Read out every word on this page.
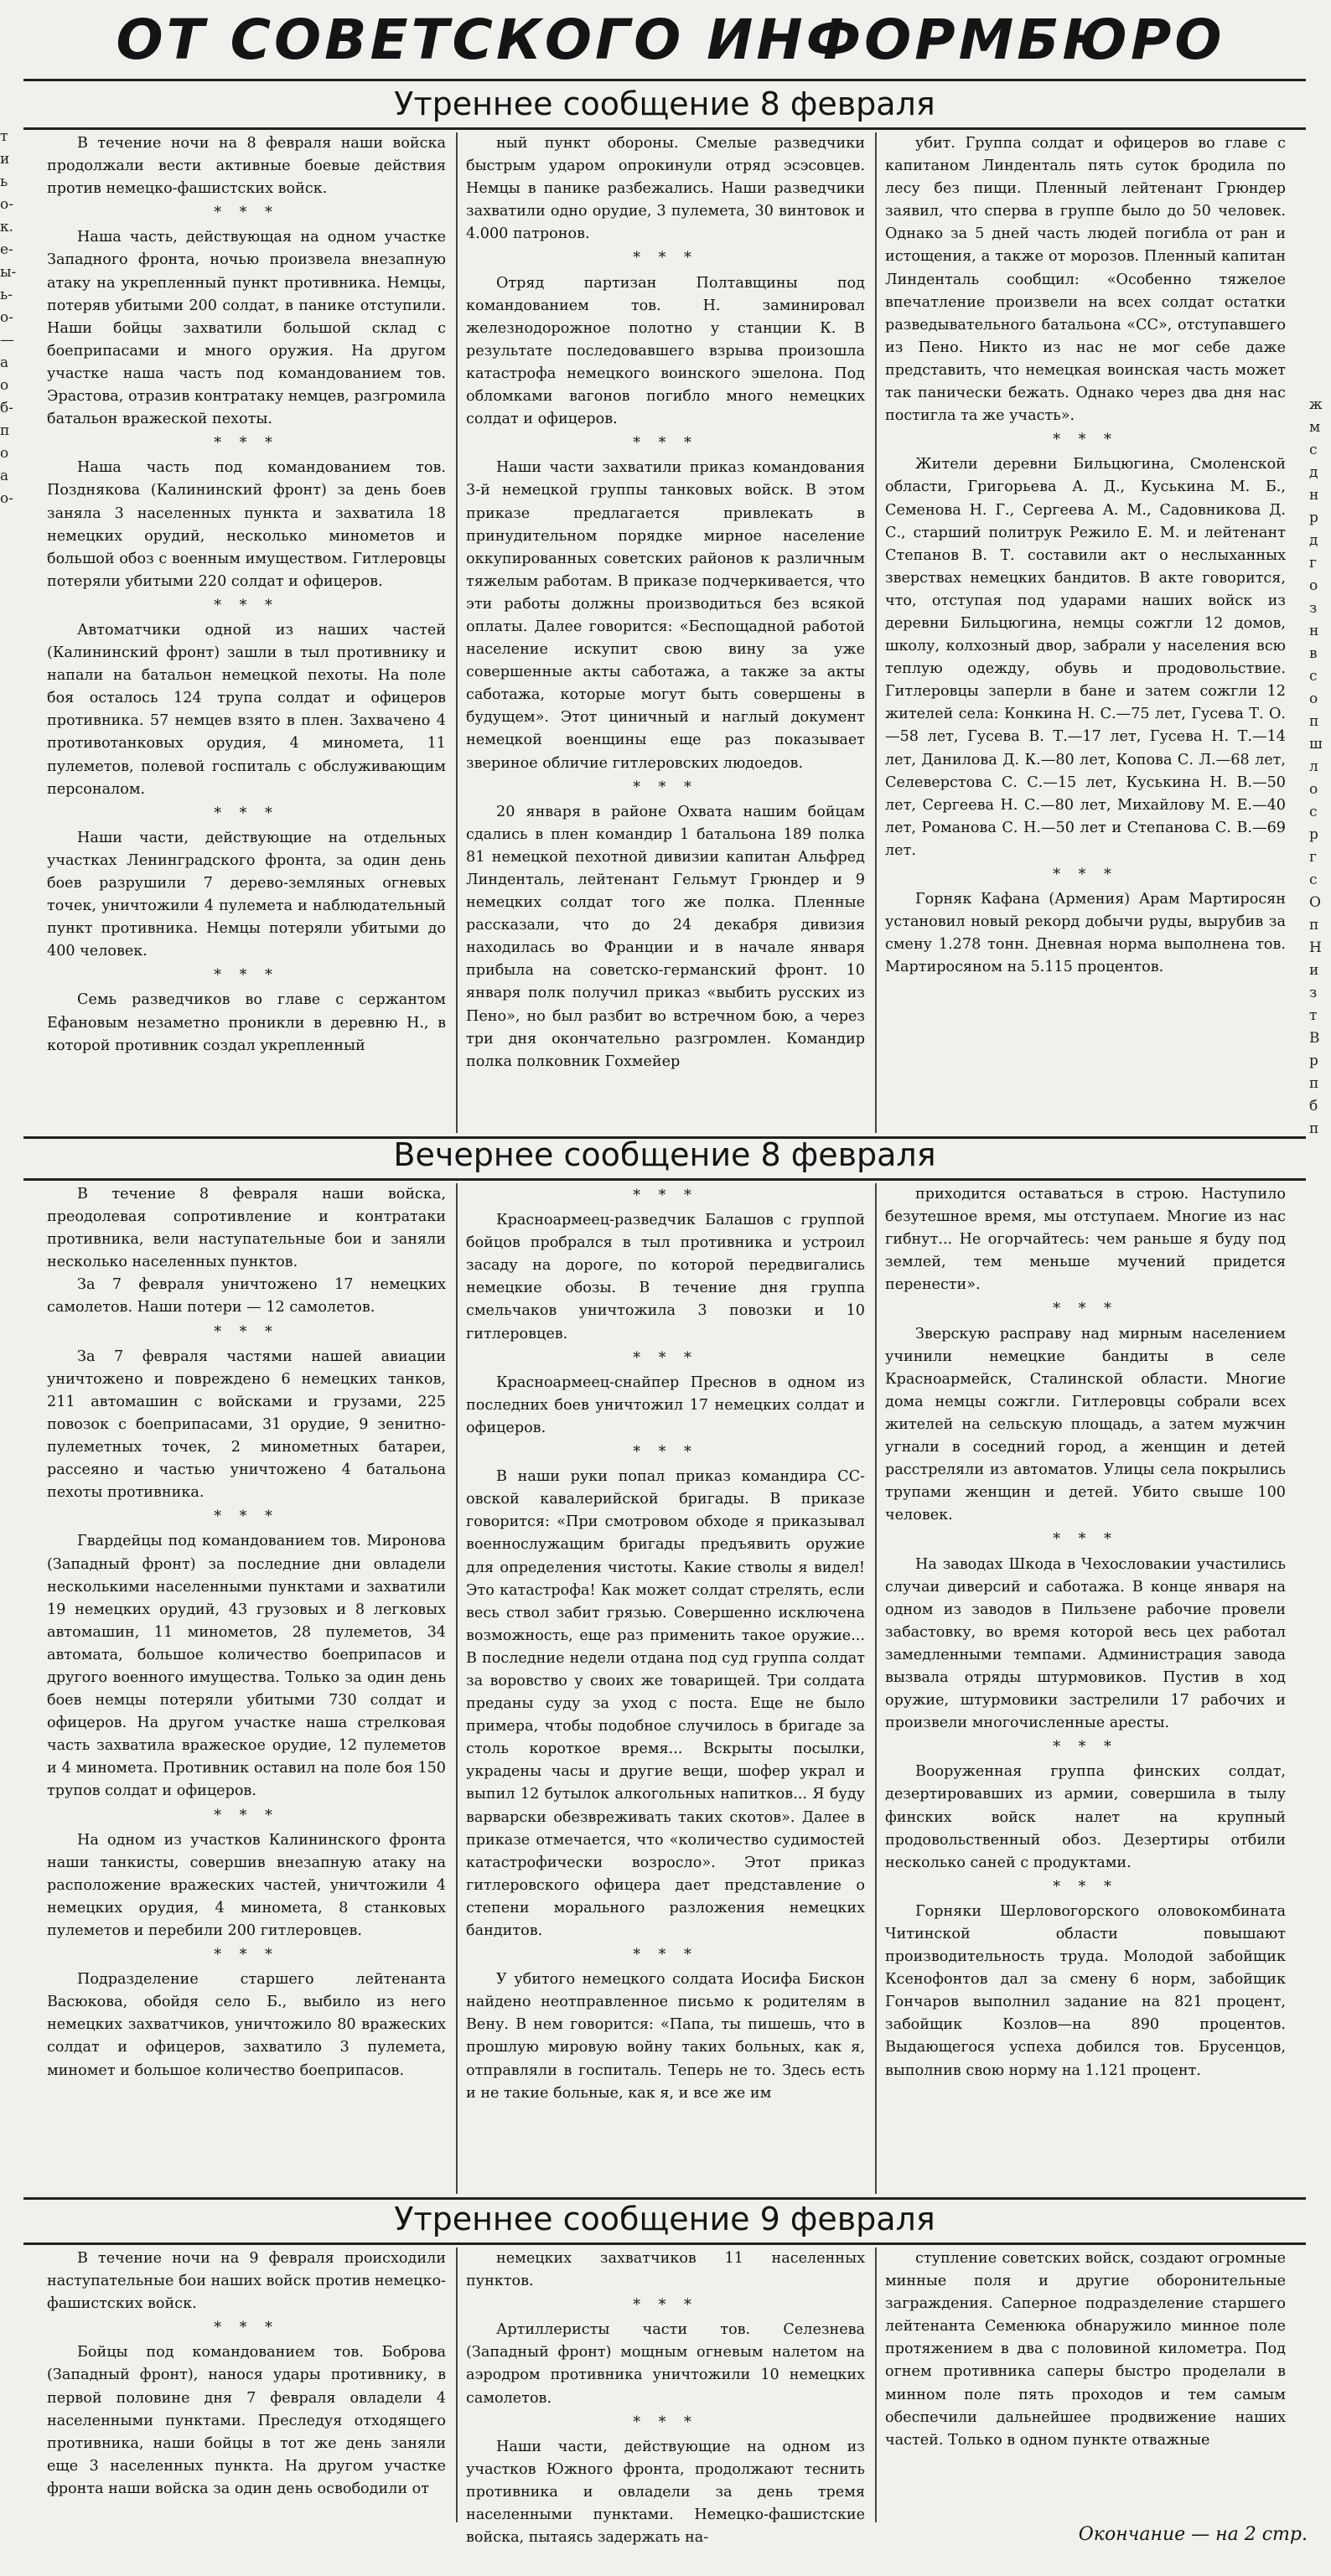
ОТ СОВЕТСКОГО ИНФОРМБЮРО
Утреннее сообщение 8 февраля

В течение ночи на 8 февраля наши войска продолжали вести активные боевые действия против немецко-фашистских войск.

* * *

Наша часть, действующая на одном участке Западного фронта, ночью произвела внезапную атаку на укрепленный пункт противника. Немцы, потеряв убитыми 200 солдат, в панике отступили. Наши бойцы захватили большой склад с боеприпасами и много оружия. На другом участке наша часть под командованием тов. Эрастова, отразив контратаку немцев, разгромила батальон вражеской пехоты.

* * *

Наша часть под командованием тов. Позднякова (Калининский фронт) за день боев заняла 3 населенных пункта и захватила 18 немецких орудий, несколько минометов и большой обоз с военным имуществом. Гитлеровцы потеряли убитыми 220 солдат и офицеров.

* * *

Автоматчики одной из наших частей (Калининский фронт) зашли в тыл противнику и напали на батальон немецкой пехоты. На поле боя осталось 124 трупа солдат и офицеров противника. 57 немцев взято в плен. Захвачено 4 противотанковых орудия, 4 миномета, 11 пулеметов, полевой госпиталь с обслуживающим персоналом.

* * *

Наши части, действующие на отдельных участках Ленинградского фронта, за один день боев разрушили 7 дерево-земляных огневых точек, уничтожили 4 пулемета и наблюдательный пункт противника. Немцы потеряли убитыми до 400 человек.

* * *

Семь разведчиков во главе с сержантом Ефановым незаметно проникли в деревню Н., в которой противник создал укрепленный

ный пункт обороны. Смелые разведчики быстрым ударом опрокинули отряд эсэсовцев. Немцы в панике разбежались. Наши разведчики захватили одно орудие, 3 пулемета, 30 винтовок и 4.000 патронов.

* * *

Отряд партизан Полтавщины под командованием тов. Н. заминировал железнодорожное полотно у станции К. В результате последовавшего взрыва произошла катастрофа немецкого воинского эшелона. Под обломками вагонов погибло много немецких солдат и офицеров.

* * *

Наши части захватили приказ командования 3-й немецкой группы танковых войск. В этом приказе предлагается привлекать в принудительном порядке мирное население оккупированных советских районов к различным тяжелым работам. В приказе подчеркивается, что эти работы должны производиться без всякой оплаты. Далее говорится: «Беспощадной работой население искупит свою вину за уже совершенные акты саботажа, а также за акты саботажа, которые могут быть совершены в будущем». Этот циничный и наглый документ немецкой военщины еще раз показывает звериное обличие гитлеровских людоедов.

* * *

20 января в районе Охвата нашим бойцам сдались в плен командир 1 батальона 189 полка 81 немецкой пехотной дивизии капитан Альфред Линденталь, лейтенант Гельмут Грюндер и 9 немецких солдат того же полка. Пленные рассказали, что до 24 декабря дивизия находилась во Франции и в начале января прибыла на советско-германский фронт. 10 января полк получил приказ «выбить русских из Пено», но был разбит во встречном бою, а через три дня окончательно разгромлен. Командир полка полковник Гохмейер

убит. Группа солдат и офицеров во главе с капитаном Линденталь пять суток бродила по лесу без пищи. Пленный лейтенант Грюндер заявил, что сперва в группе было до 50 человек. Однако за 5 дней часть людей погибла от ран и истощения, а также от морозов. Пленный капитан Линденталь сообщил: «Особенно тяжелое впечатление произвели на всех солдат остатки разведывательного батальона «СС», отступавшего из Пено. Никто из нас не мог себе даже представить, что немецкая воинская часть может так панически бежать. Однако через два дня нас постигла та же участь».

* * *

Жители деревни Бильцюгина, Смоленской области, Григорьева А. Д., Куськина М. Б., Семенова Н. Г., Сергеева А. М., Садовникова Д. С., старший политрук Режило Е. М. и лейтенант Степанов В. Т. составили акт о неслыханных зверствах немецких бандитов. В акте говорится, что, отступая под ударами наших войск из деревни Бильцюгина, немцы сожгли 12 домов, школу, колхозный двор, забрали у населения всю теплую одежду, обувь и продовольствие. Гитлеровцы заперли в бане и затем сожгли 12 жителей села: Конкина Н. С.—75 лет, Гусева Т. О.—58 лет, Гусева В. Т.—17 лет, Гусева Н. Т.—14 лет, Данилова Д. К.—80 лет, Копова С. Л.—68 лет, Селеверстова С. С.—15 лет, Куськина Н. В.—50 лет, Сергеева Н. С.—80 лет, Михайлову М. Е.—40 лет, Романова С. Н.—50 лет и Степанова С. В.—69 лет.

* * *

Горняк Кафана (Армения) Арам Мартиросян установил новый рекорд добычи руды, вырубив за смену 1.278 тонн. Дневная норма выполнена тов. Мартиросяном на 5.115 процентов.

Вечернее сообщение 8 февраля

В течение 8 февраля наши войска, преодолевая сопротивление и контратаки противника, вели наступательные бои и заняли несколько населенных пунктов.

За 7 февраля уничтожено 17 немецких самолетов. Наши потери — 12 самолетов.

* * *

За 7 февраля частями нашей авиации уничтожено и повреждено 6 немецких танков, 211 автомашин с войсками и грузами, 225 повозок с боеприпасами, 31 орудие, 9 зенитно-пулеметных точек, 2 минометных батареи, рассеяно и частью уничтожено 4 батальона пехоты противника.

* * *

Гвардейцы под командованием тов. Миронова (Западный фронт) за последние дни овладели несколькими населенными пунктами и захватили 19 немецких орудий, 43 грузовых и 8 легковых автомашин, 11 минометов, 28 пулеметов, 34 автомата, большое количество боеприпасов и другого военного имущества. Только за один день боев немцы потеряли убитыми 730 солдат и офицеров. На другом участке наша стрелковая часть захватила вражеское орудие, 12 пулеметов и 4 миномета. Противник оставил на поле боя 150 трупов солдат и офицеров.

* * *

На одном из участков Калининского фронта наши танкисты, совершив внезапную атаку на расположение вражеских частей, уничтожили 4 немецких орудия, 4 миномета, 8 станковых пулеметов и перебили 200 гитлеровцев.

* * *

Подразделение старшего лейтенанта Васюкова, обойдя село Б., выбило из него немецких захватчиков, уничтожило 80 вражеских солдат и офицеров, захватило 3 пулемета, миномет и большое количество боеприпасов.

* * *

Красноармеец-разведчик Балашов с группой бойцов пробрался в тыл противника и устроил засаду на дороге, по которой передвигались немецкие обозы. В течение дня группа смельчаков уничтожила 3 повозки и 10 гитлеровцев.

* * *

Красноармеец-снайпер Преснов в одном из последних боев уничтожил 17 немецких солдат и офицеров.

* * *

В наши руки попал приказ командира СС-овской кавалерийской бригады. В приказе говорится: «При смотровом обходе я приказывал военнослужащим бригады предъявить оружие для определения чистоты. Какие стволы я видел! Это катастрофа! Как может солдат стрелять, если весь ствол забит грязью. Совершенно исключена возможность, еще раз применить такое оружие... В последние недели отдана под суд группа солдат за воровство у своих же товарищей. Три солдата преданы суду за уход с поста. Еще не было примера, чтобы подобное случилось в бригаде за столь короткое время... Вскрыты посылки, украдены часы и другие вещи, шофер украл и выпил 12 бутылок алкогольных напитков... Я буду варварски обезвреживать таких скотов». Далее в приказе отмечается, что «количество судимостей катастрофически возросло». Этот приказ гитлеровского офицера дает представление о степени морального разложения немецких бандитов.

* * *

У убитого немецкого солдата Иосифа Бискон найдено неотправленное письмо к родителям в Вену. В нем говорится: «Папа, ты пишешь, что в прошлую мировую войну таких больных, как я, отправляли в госпиталь. Теперь не то. Здесь есть и не такие больные, как я, и все же им

приходится оставаться в строю. Наступило безутешное время, мы отступаем. Многие из нас гибнут... Не огорчайтесь: чем раньше я буду под землей, тем меньше мучений придется перенести».

* * *

Зверскую расправу над мирным населением учинили немецкие бандиты в селе Красноармейск, Сталинской области. Многие дома немцы сожгли. Гитлеровцы собрали всех жителей на сельскую площадь, а затем мужчин угнали в соседний город, а женщин и детей расстреляли из автоматов. Улицы села покрылись трупами женщин и детей. Убито свыше 100 человек.

* * *

На заводах Шкода в Чехословакии участились случаи диверсий и саботажа. В конце января на одном из заводов в Пильзене рабочие провели забастовку, во время которой весь цех работал замедленными темпами. Администрация завода вызвала отряды штурмовиков. Пустив в ход оружие, штурмовики застрелили 17 рабочих и произвели многочисленные аресты.

* * *

Вооруженная группа финских солдат, дезертировавших из армии, совершила в тылу финских войск налет на крупный продовольственный обоз. Дезертиры отбили несколько саней с продуктами.

* * *

Горняки Шерловогорского оловокомбината Читинской области повышают производительность труда. Молодой забойщик Ксенофонтов дал за смену 6 норм, забойщик Гончаров выполнил задание на 821 процент, забойщик Козлов—на 890 процентов. Выдающегося успеха добился тов. Брусенцов, выполнив свою норму на 1.121 процент.

Утреннее сообщение 9 февраля

В течение ночи на 9 февраля происходили наступательные бои наших войск против немецко-фашистских войск.

* * *

Бойцы под командованием тов. Боброва (Западный фронт), нанося удары противнику, в первой половине дня 7 февраля овладели 4 населенными пунктами. Преследуя отходящего противника, наши бойцы в тот же день заняли еще 3 населенных пункта. На другом участке фронта наши войска за один день освободили от

немецких захватчиков 11 населенных пунктов.

* * *

Артиллеристы части тов. Селезнева (Западный фронт) мощным огневым налетом на аэродром противника уничтожили 10 немецких самолетов.

* * *

Наши части, действующие на одном из участков Южного фронта, продолжают теснить противника и овладели за день тремя населенными пунктами. Немецко-фашистские войска, пытаясь задержать на-

ступление советских войск, создают огромные минные поля и другие оборонительные заграждения. Саперное подразделение старшего лейтенанта Семенюка обнаружило минное поле протяжением в два с половиной километра. Под огнем противника саперы быстро проделали в минном поле пять проходов и тем самым обеспечили дальнейшее продвижение наших частей. Только в одном пункте отважные

Окончание — на 2 стр.
т
и
ь
о-
к.
е-
ы-
ь-
о-
—
а
о
б-
п
о
а
о-
ж
м
с
д
н
р
д
г
о
з
н
в
с
о
п
ш
л
о
с
р
г
с
О
п
Н
и
з
т
В
р
п
б
п
